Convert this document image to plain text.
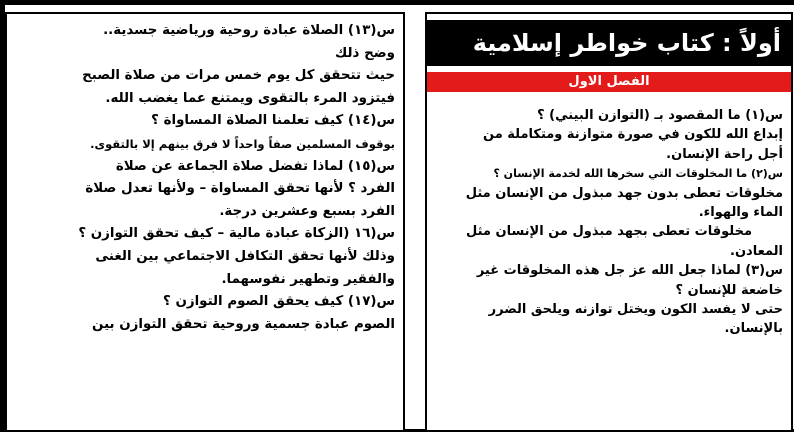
س(١٣) الصلاة عبادة روحية ورياضية جسدية..
وضح ذلك
حيث تتحقق كل يوم خمس مرات من صلاة الصبح
فيتزود المرء بالتقوى ويمتنع عما يغضب الله.
س(١٤) كيف تعلمنا الصلاة المساواة ؟
بوقوف المسلمين صفاً واحداً لا فرق بينهم إلا بالتقوى.
س(١٥) لماذا تفضل صلاة الجماعة عن صلاة
الفرد ؟ لأنها تحقق المساواة – ولأنها تعدل صلاة
الفرد بسبع وعشرين درجة.
س(١٦ (الزكاة عبادة مالية – كيف تحقق التوازن ؟
وذلك لأنها تحقق التكافل الاجتماعي بين الغنى
والفقير وتطهير نفوسهما.
س(١٧) كيف يحقق الصوم التوازن ؟
الصوم عبادة جسمية وروحية تحقق التوازن بين
أولاً : كتاب خواطر إسلامية
الفصل الاول
س(١) ما المقصود بـ (التوازن البيني) ؟
إبداع الله للكون في صورة متوازنة ومتكاملة من
أجل راحة الإنسان.
س(٢) ما المخلوقات التي سخرها الله لخدمة الإنسان ؟
مخلوقات تعطى بدون جهد مبذول من الإنسان مثل
الماء والهواء.
مخلوقات تعطى بجهد مبذول من الإنسان مثل
المعادن.
س(٣) لماذا جعل الله عز جل هذه المخلوقات غير
خاضعة للإنسان ؟
حتى لا يفسد الكون ويختل توازنه ويلحق الضرر
بالإنسان.
